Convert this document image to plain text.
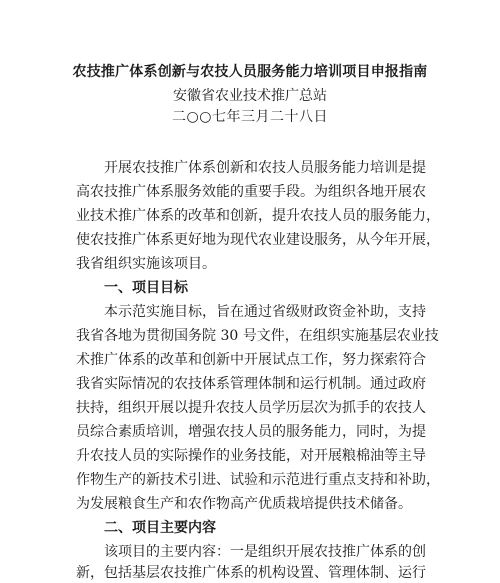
农技推广体系创新与农技人员服务能力培训项目申报指南
安徽省农业技术推广总站
二○○七年三月二十八日
开展农技推广体系创新和农技人员服务能力培训是提
高农技推广体系服务效能的重要手段。为组织各地开展农
业技术推广体系的改革和创新，提升农技人员的服务能力，
使农技推广体系更好地为现代农业建设服务，从今年开展，
我省组织实施该项目。
一、项目目标
本示范实施目标，旨在通过省级财政资金补助，支持
我省各地为贯彻国务院 30 号文件，在组织实施基层农业技
术推广体系的改革和创新中开展试点工作，努力探索符合
我省实际情况的农技体系管理体制和运行机制。通过政府
扶持，组织开展以提升农技人员学历层次为抓手的农技人
员综合素质培训，增强农技人员的服务能力，同时，为提
升农技人员的实际操作的业务技能，对开展粮棉油等主导
作物生产的新技术引进、试验和示范进行重点支持和补助，
为发展粮食生产和农作物高产优质栽培提供技术储备。
二、项目主要内容
该项目的主要内容：一是组织开展农技推广体系的创
新，包括基层农技推广体系的机构设置、管理体制、运行
